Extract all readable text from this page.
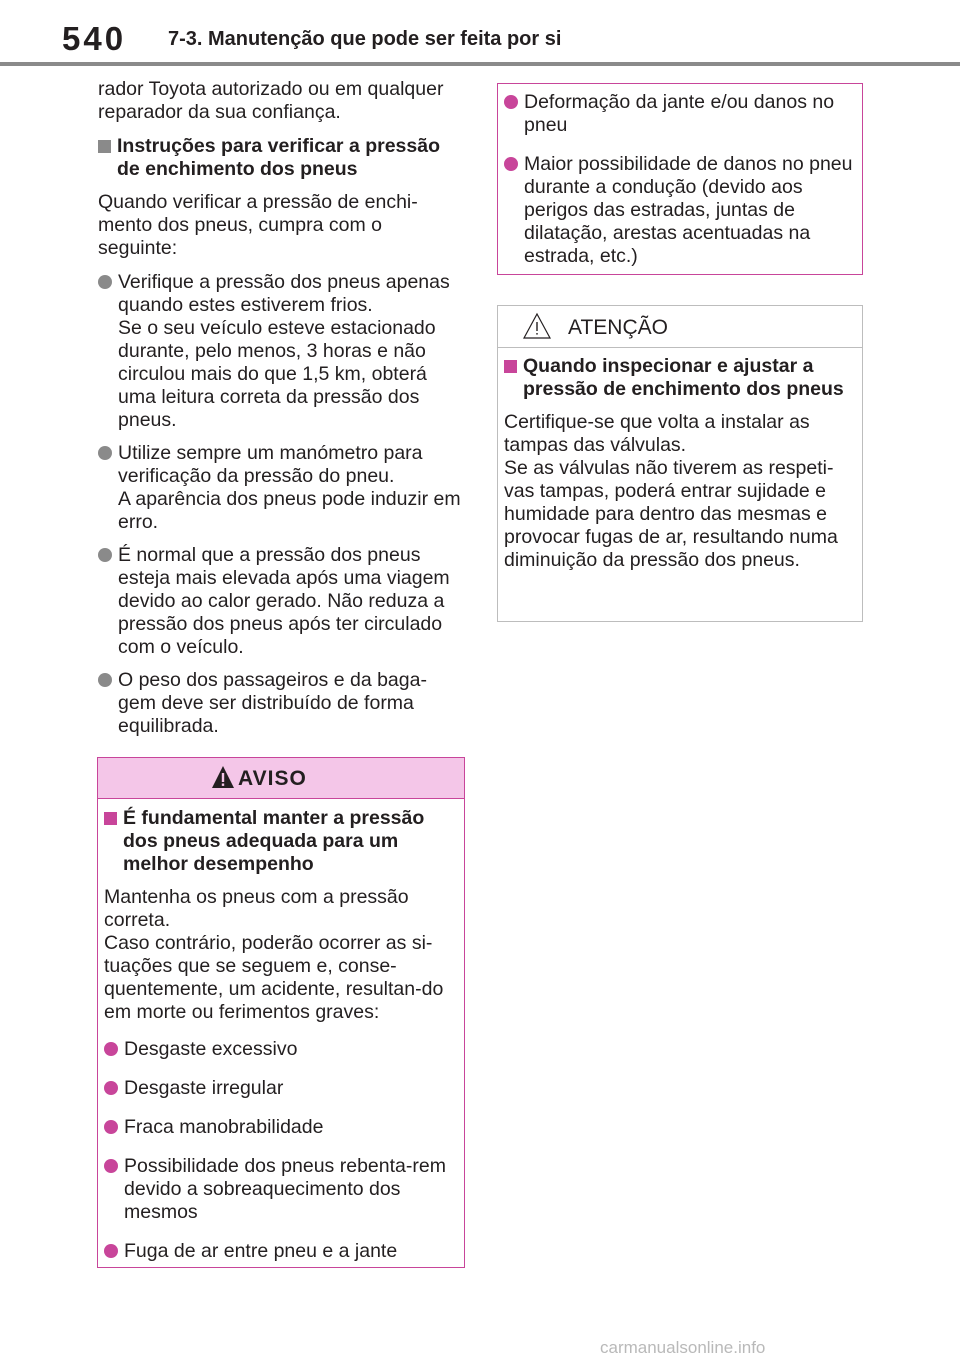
540 7-3. Manutenção que pode ser feita por si

rador Toyota autorizado ou em qualquer reparador da sua confiança.

Instruções para verificar a pressão de enchimento dos pneus

Quando verificar a pressão de enchi-mento dos pneus, cumpra com o seguinte:

Verifique a pressão dos pneus apenas quando estes estiverem frios.
Se o seu veículo esteve estacionado durante, pelo menos, 3 horas e não circulou mais do que 1,5 km, obterá uma leitura correta da pressão dos pneus.
Utilize sempre um manómetro para verificação da pressão do pneu.
A aparência dos pneus pode induzir em erro.
É normal que a pressão dos pneus esteja mais elevada após uma viagem devido ao calor gerado. Não reduza a pressão dos pneus após ter circulado com o veículo.
O peso dos passageiros e da baga-gem deve ser distribuído de forma equilibrada.
AVISO
É fundamental manter a pressão dos pneus adequada para um melhor desempenho

Mantenha os pneus com a pressão correta.
Caso contrário, poderão ocorrer as si-tuações que se seguem e, conse-quentemente, um acidente, resultan-do em morte ou ferimentos graves:

Desgaste excessivo
Desgaste irregular
Fraca manobrabilidade
Possibilidade dos pneus rebenta-rem devido a sobreaquecimento dos mesmos
Fuga de ar entre pneu e a jante
Deformação da jante e/ou danos no pneu
Maior possibilidade de danos no pneu durante a condução (devido aos perigos das estradas, juntas de dilatação, arestas acentuadas na estrada, etc.)
ATENÇÃO
Quando inspecionar e ajustar a pressão de enchimento dos pneus

Certifique-se que volta a instalar as tampas das válvulas.
Se as válvulas não tiverem as respeti-vas tampas, poderá entrar sujidade e humidade para dentro das mesmas e provocar fugas de ar, resultando numa diminuição da pressão dos pneus.

carmanualsonline.info
